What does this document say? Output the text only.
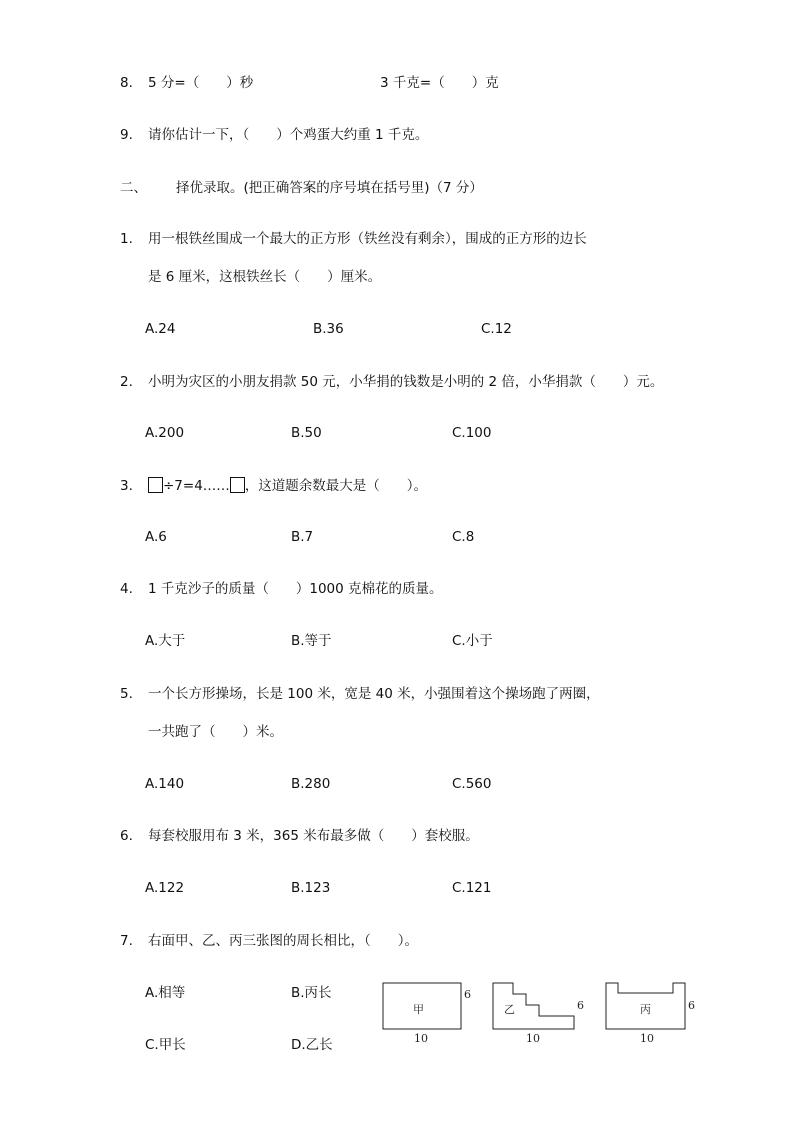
8. 5 分=（　　）秒	3 千克=（　　）克
9. 请你估计一下，（　　）个鸡蛋大约重 1 千克。
二、 择优录取。(把正确答案的序号填在括号里)（7 分）
1. 用一根铁丝围成一个最大的正方形（铁丝没有剩余），围成的正方形的边长
是 6 厘米，这根铁丝长（　　）厘米。
A.24	B.36	C.12
2. 小明为灾区的小朋友捐款 50 元，小华捐的钱数是小明的 2 倍，小华捐款（　　）元。
A.200	B.50	C.100
3. ÷7=4…… ，这道题余数最大是（　　）。
A.6	B.7	C.8
4. 1 千克沙子的质量（　　）1000 克棉花的质量。
A.大于	B.等于	C.小于
5. 一个长方形操场，长是 100 米，宽是 40 米，小强围着这个操场跑了两圈，
一共跑了（　　）米。
A.140	B.280	C.560
6. 每套校服用布 3 米，365 米布最多做（　　）套校服。
A.122	B.123	C.121
7. 右面甲、乙、丙三张图的周长相比，（　　）。
A.相等	B.丙长
C.甲长	D.乙长
甲
6
10
乙	6
10
丙	6
10
